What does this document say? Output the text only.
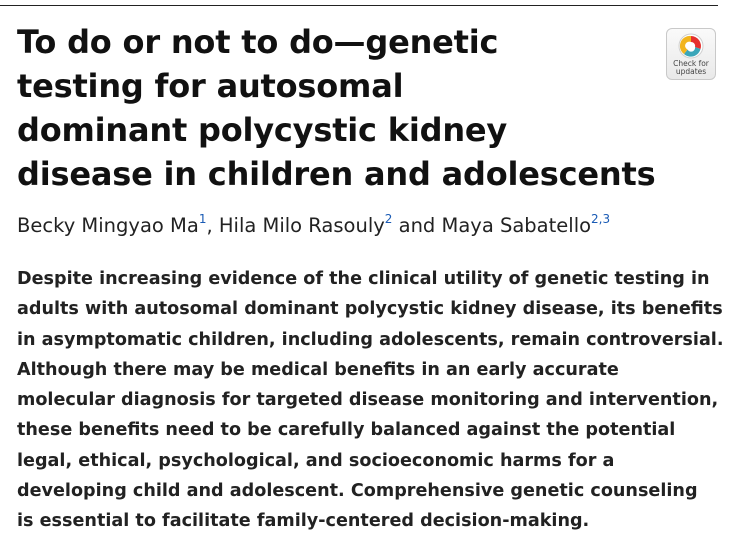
To do or not to do—genetic
testing for autosomal
dominant polycystic kidney
disease in children and adolescents
Check for
updates

Becky Mingyao Ma$^1$, Hila Milo Rasouly$^2$ and Maya Sabatello$^{2,3}$

Despite increasing evidence of the clinical utility of genetic testing in
adults with autosomal dominant polycystic kidney disease, its benefits
in asymptomatic children, including adolescents, remain controversial.
Although there may be medical benefits in an early accurate
molecular diagnosis for targeted disease monitoring and intervention,
these benefits need to be carefully balanced against the potential
legal, ethical, psychological, and socioeconomic harms for a
developing child and adolescent. Comprehensive genetic counseling
is essential to facilitate family-centered decision-making.
